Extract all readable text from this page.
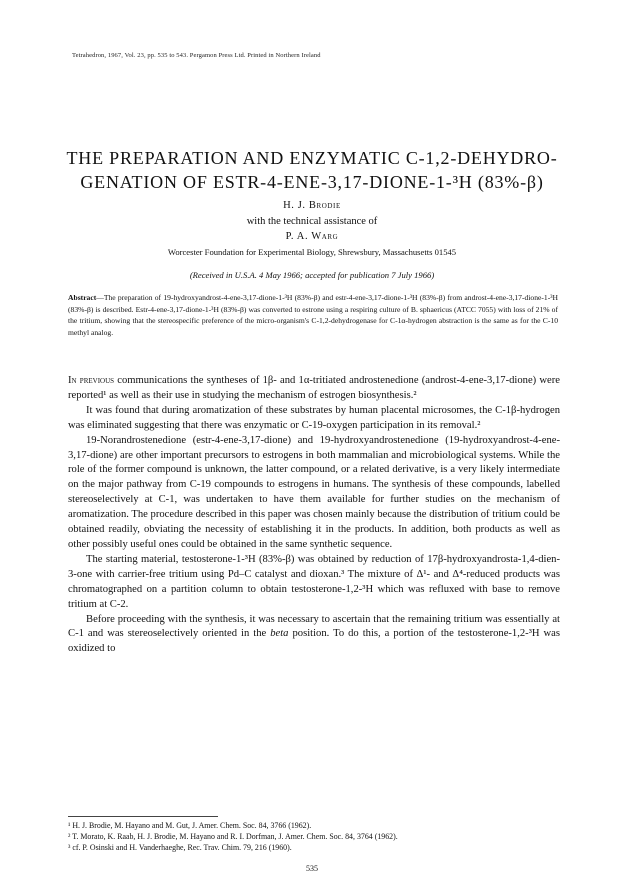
Tetrahedron, 1967, Vol. 23, pp. 535 to 543. Pergamon Press Ltd. Printed in Northern Ireland
THE PREPARATION AND ENZYMATIC C-1,2-DEHYDRO-
GENATION OF ESTR-4-ENE-3,17-DIONE-1-³H (83%-β)
H. J. Brodie
with the technical assistance of
P. A. Warg
Worcester Foundation for Experimental Biology, Shrewsbury, Massachusetts 01545
(Received in U.S.A. 4 May 1966; accepted for publication 7 July 1966)

Abstract—The preparation of 19-hydroxyandrost-4-ene-3,17-dione-1-³H (83%-β) and estr-4-ene-3,17-dione-1-³H (83%-β) from androst-4-ene-3,17-dione-1-³H (83%-β) is described. Estr-4-ene-3,17-dione-1-³H (83%-β) was converted to estrone using a respiring culture of B. sphaericus (ATCC 7055) with loss of 21% of the tritium, showing that the stereospecific preference of the micro-organism's C-1,2-dehydrogenase for C-1α-hydrogen abstraction is the same as for the C-10 methyl analog.

In previous communications the syntheses of 1β- and 1α-tritiated androstenedione (androst-4-ene-3,17-dione) were reported¹ as well as their use in studying the mechanism of estrogen biosynthesis.²

It was found that during aromatization of these substrates by human placental microsomes, the C-1β-hydrogen was eliminated suggesting that there was enzymatic or C-19-oxygen participation in its removal.²

19-Norandrostenedione (estr-4-ene-3,17-dione) and 19-hydroxyandrostenedione (19-hydroxyandrost-4-ene-3,17-dione) are other important precursors to estrogens in both mammalian and microbiological systems. While the role of the former compound is unknown, the latter compound, or a related derivative, is a very likely intermediate on the major pathway from C-19 compounds to estrogens in humans. The synthesis of these compounds, labelled stereoselectively at C-1, was undertaken to have them available for further studies on the mechanism of aromatization. The procedure described in this paper was chosen mainly because the distribution of tritium could be obtained readily, obviating the necessity of establishing it in the products. In addition, both products as well as other possibly useful ones could be obtained in the same synthetic sequence.

The starting material, testosterone-1-³H (83%-β) was obtained by reduction of 17β-hydroxyandrosta-1,4-dien-3-one with carrier-free tritium using Pd–C catalyst and dioxan.³ The mixture of Δ¹- and Δ⁴-reduced products was chromatographed on a partition column to obtain testosterone-1,2-³H which was refluxed with base to remove tritium at C-2.

Before proceeding with the synthesis, it was necessary to ascertain that the remaining tritium was essentially at C-1 and was stereoselectively oriented in the beta position. To do this, a portion of the testosterone-1,2-³H was oxidized to

¹ H. J. Brodie, M. Hayano and M. Gut, J. Amer. Chem. Soc. 84, 3766 (1962).
² T. Morato, K. Raab, H. J. Brodie, M. Hayano and R. I. Dorfman, J. Amer. Chem. Soc. 84, 3764 (1962).
³ cf. P. Osinski and H. Vanderhaeghe, Rec. Trav. Chim. 79, 216 (1960).
535
